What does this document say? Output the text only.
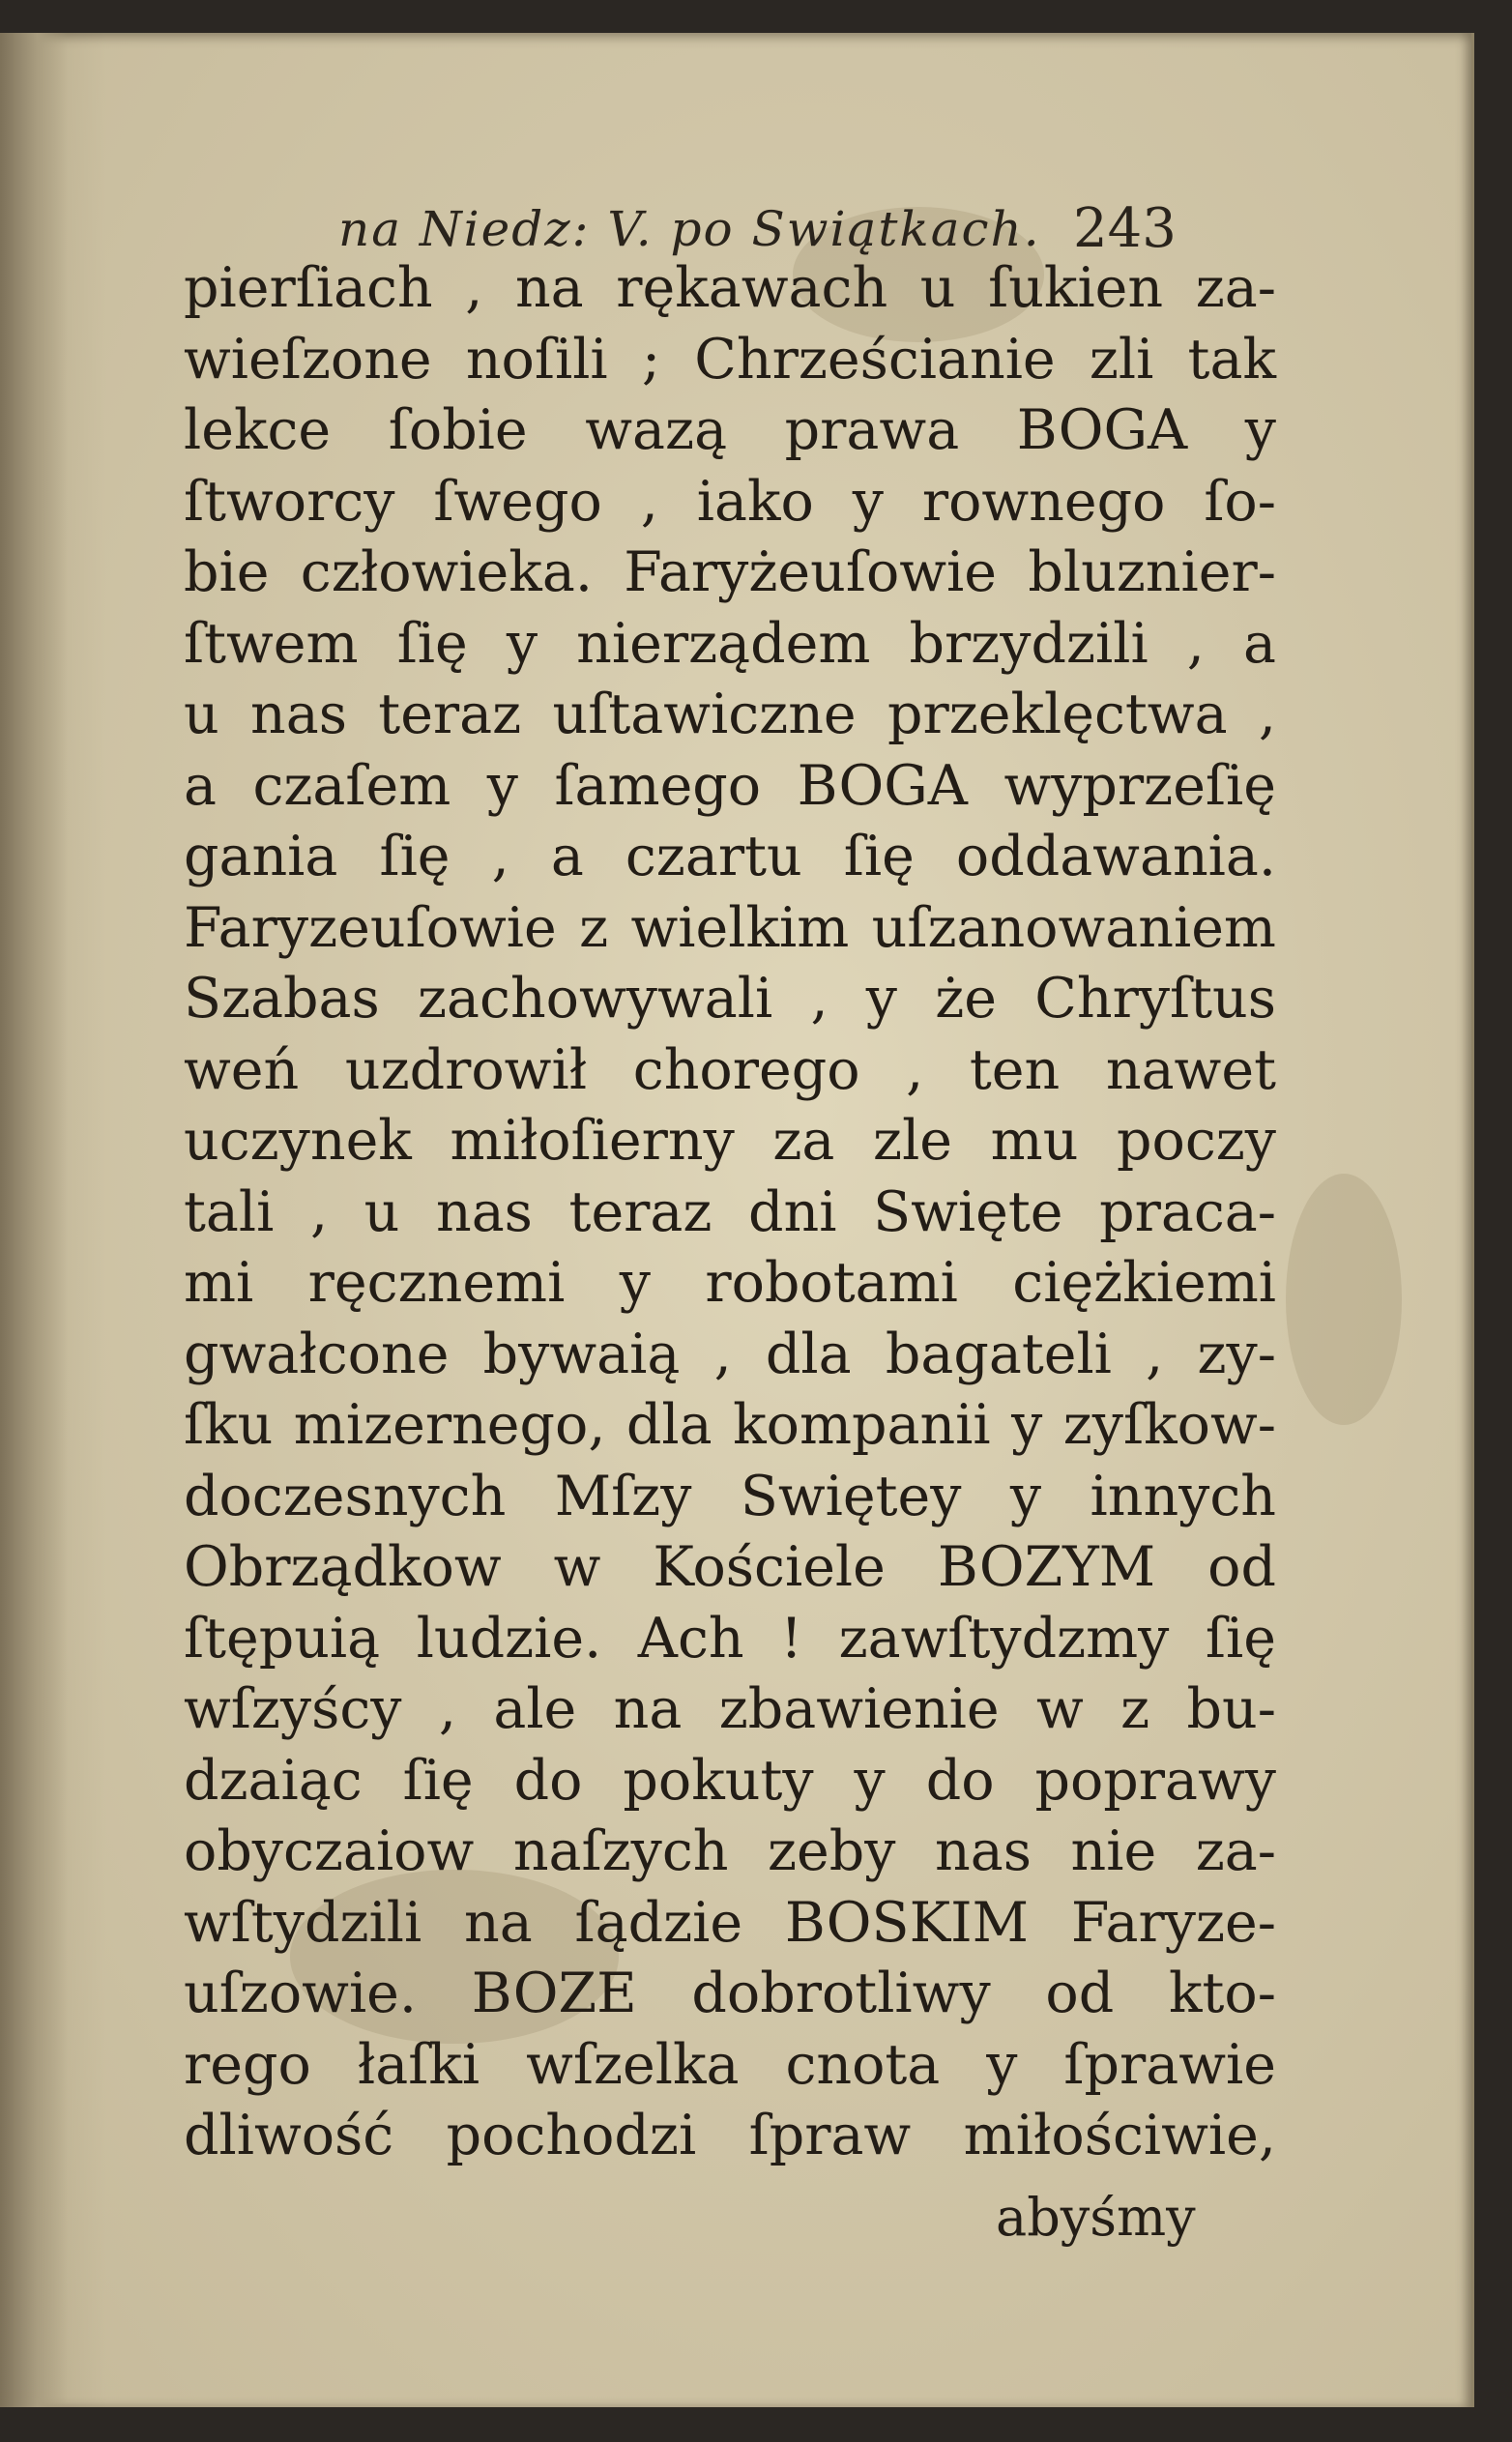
na Niedz: V. po Swiątkach. 243
pierſiach , na rękawach u ſukien za-
wieſzone noſili ; Chrześcianie zli tak
lekce ſobie wazą prawa BOGA y
ſtworcy ſwego , iako y rownego ſo-
bie człowieka. Faryżeuſowie bluznier-
ſtwem ſię y nierządem brzydzili , a
u nas teraz uſtawiczne przeklęctwa ,
a czaſem y ſamego BOGA wyprzeſię
gania ſię , a czartu ſię oddawania.
Faryzeuſowie z wielkim uſzanowaniem
Szabas zachowywali , y że Chryſtus
weń uzdrowił chorego , ten nawet
uczynek miłoſierny za zle mu poczy
tali , u nas teraz dni Swięte praca-
mi ręcznemi y robotami ciężkiemi
gwałcone bywaią , dla bagateli , zy-
ſku mizernego, dla kompanii y zyſkow-
doczesnych Mſzy Swiętey y innych
Obrządkow w Kościele BOZYM od
ſtępuią ludzie. Ach ! zawſtydzmy ſię
wſzyścy , ale na zbawienie w z bu-
dzaiąc ſię do pokuty y do poprawy
obyczaiow naſzych zeby nas nie za-
wſtydzili na ſądzie BOSKIM Faryze-
uſzowie. BOZE dobrotliwy od kto-
rego łaſki wſzelka cnota y ſprawie
dliwość pochodzi ſpraw miłościwie,
abyśmy
